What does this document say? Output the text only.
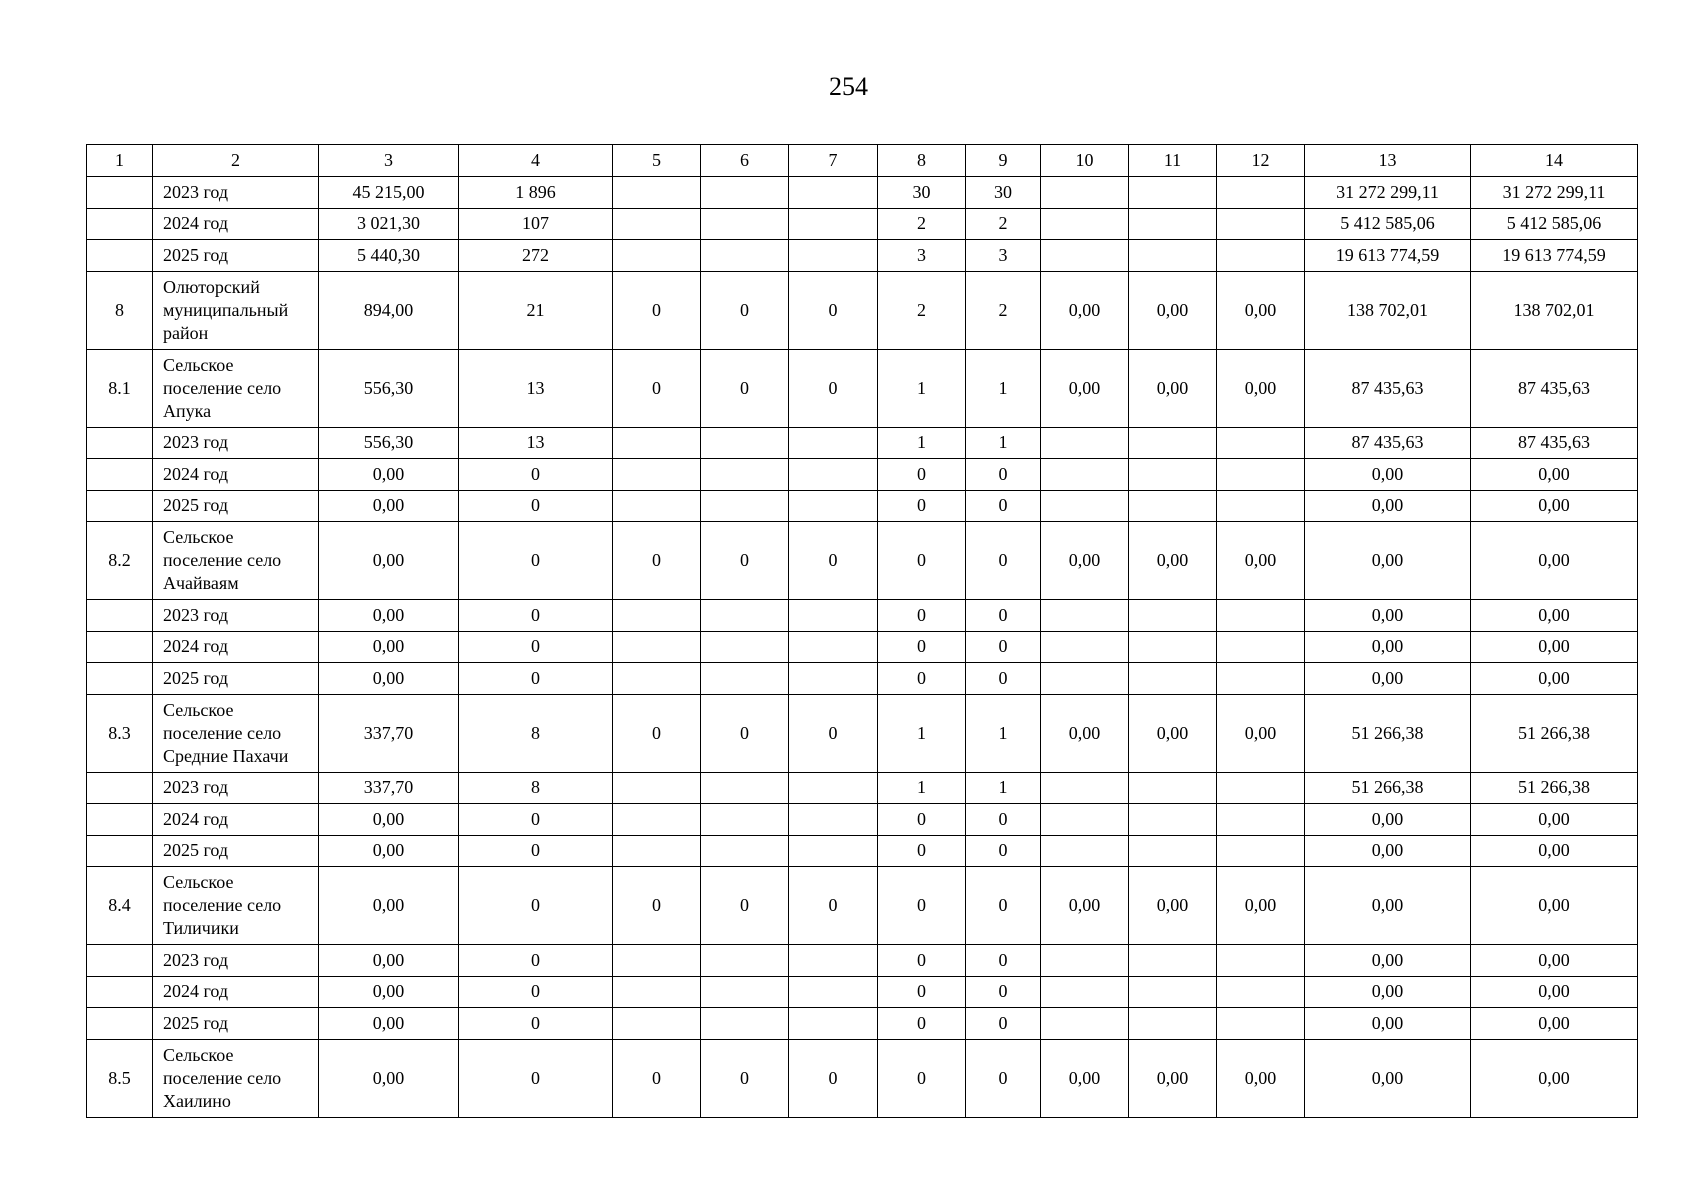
254
1	2	3	4	5	6	7	8	9	10	11	12	13	14

	2023 год	45 215,00	1 896				30	30				31 272 299,11	31 272 299,11

	2024 год	3 021,30	107				2	2				5 412 585,06	5 412 585,06

	2025 год	5 440,30	272				3	3				19 613 774,59	19 613 774,59
8	Олюторский
муниципальный
район	894,00	21	0	0	0	2	2	0,00	0,00	0,00	138 702,01	138 702,01
8.1	Сельское
поселение село
Апука	556,30	13	0	0	0	1	1	0,00	0,00	0,00	87 435,63	87 435,63

	2023 год	556,30	13				1	1				87 435,63	87 435,63

	2024 год	0,00	0				0	0				0,00	0,00

	2025 год	0,00	0				0	0				0,00	0,00
8.2	Сельское
поселение село
Ачайваям	0,00	0	0	0	0	0	0	0,00	0,00	0,00	0,00	0,00

	2023 год	0,00	0				0	0				0,00	0,00

	2024 год	0,00	0				0	0				0,00	0,00

	2025 год	0,00	0				0	0				0,00	0,00
8.3	Сельское
поселение село
Средние Пахачи	337,70	8	0	0	0	1	1	0,00	0,00	0,00	51 266,38	51 266,38

	2023 год	337,70	8				1	1				51 266,38	51 266,38

	2024 год	0,00	0				0	0				0,00	0,00

	2025 год	0,00	0				0	0				0,00	0,00
8.4	Сельское
поселение село
Тиличики	0,00	0	0	0	0	0	0	0,00	0,00	0,00	0,00	0,00

	2023 год	0,00	0				0	0				0,00	0,00

	2024 год	0,00	0				0	0				0,00	0,00

	2025 год	0,00	0				0	0				0,00	0,00
8.5	Сельское
поселение село
Хаилино	0,00	0	0	0	0	0	0	0,00	0,00	0,00	0,00	0,00
